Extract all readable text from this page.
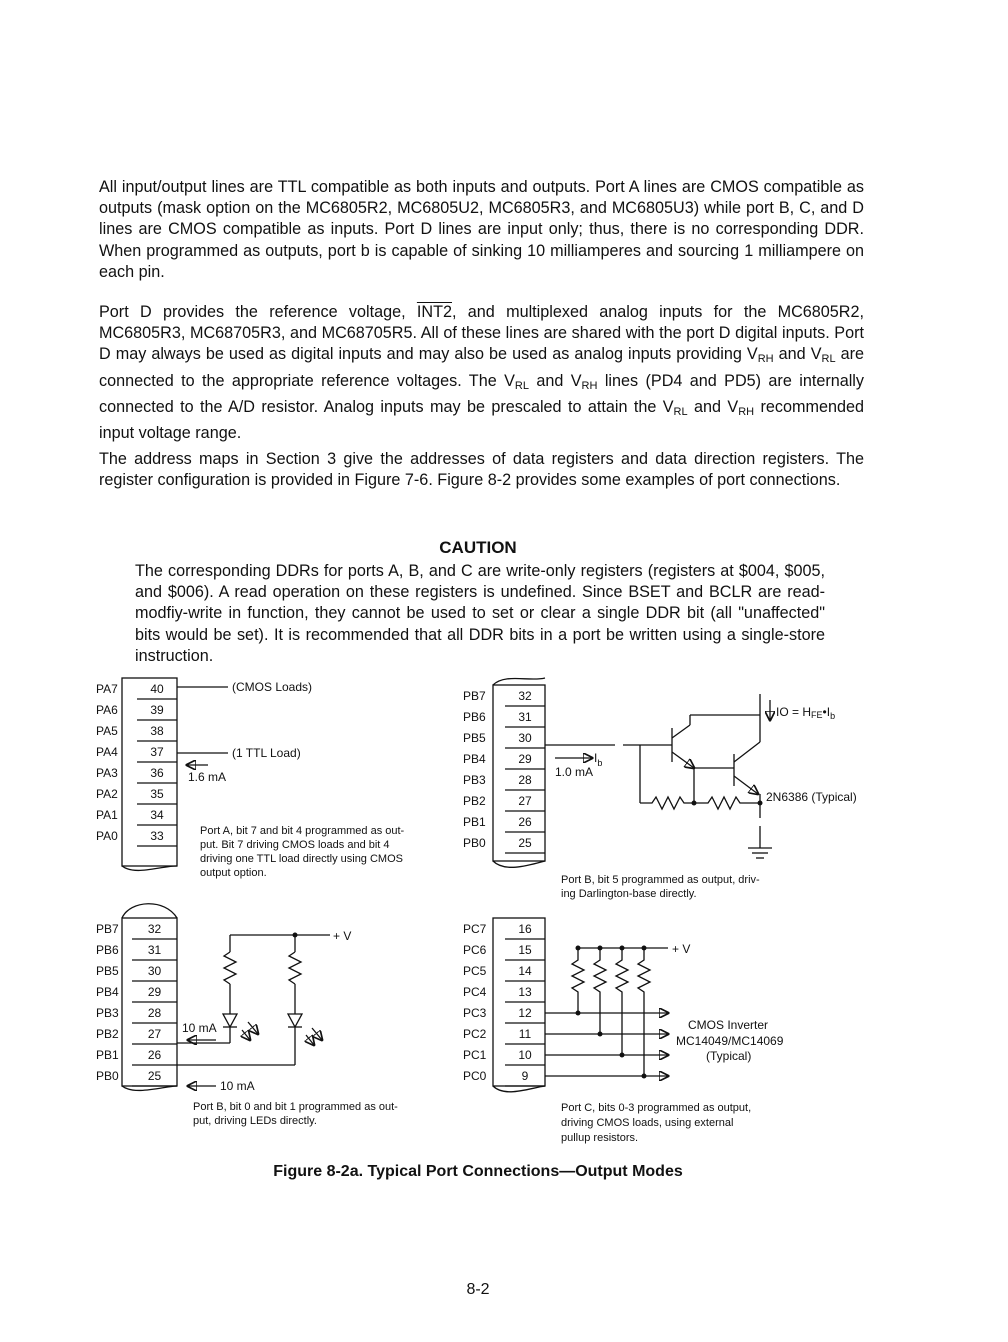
All input/output lines are TTL compatible as both inputs and outputs. Port A lines are CMOS compatible as outputs (mask option on the MC6805R2, MC6805U2, MC6805R3, and MC6805U3) while port B, C, and D lines are CMOS compatible as inputs. Port D lines are input only; thus, there is no corresponding DDR. When programmed as outputs, port b is capable of sinking 10 milliamperes and sourcing 1 milliampere on each pin.

Port D provides the reference voltage, INT2, and multiplexed analog inputs for the MC6805R2, MC6805R3, MC68705R3, and MC68705R5. All of these lines are shared with the port D digital inputs. Port D may always be used as digital inputs and may also be used as analog inputs providing $V_{RH}$ and $V_{RL}$ are connected to the appropriate reference voltages. The $V_{RL}$ and $V_{RH}$ lines (PD4 and PD5) are internally connected to the A/D resistor. Analog inputs may be prescaled to attain the $V_{RL}$ and $V_{RH}$ recommended input voltage range.

The address maps in Section 3 give the addresses of data registers and data direction registers. The register configuration is provided in Figure 7-6. Figure 8-2 provides some examples of port connections.

CAUTION

The corresponding DDRs for ports A, B, and C are write-only registers (registers at $004, $005, and $006). A read operation on these registers is undefined. Since BSET and BCLR are read-modfiy-write in function, they cannot be used to set or clear a single DDR bit (all "unaffected" bits would be set). It is recommended that all DDR bits in a port be written using a single-store instruction.

PA7	40
PA6	39
PA5	38
PA4	37
PA3	36
PA2	35
PA1	34
PA0	33
(CMOS Loads)
(1 TTL Load)
1.6 mA
Port A, bit 7 and bit 4 programmed as out-
put. Bit 7 driving CMOS loads and bit 4
driving one TTL load directly using CMOS
output option.
PB7	32
PB6	31
PB5	30
PB4	29
PB3	28
PB2	27
PB1	26
PB0	25
$I_b$
1.0 mA
IO = $HFE•I_b$
2N6386 (Typical)
Port B, bit 5 programmed as output, driv-
ing Darlington-base directly.
PB7 32
PB6 31
PB5 30
PB4 29
PB3 28
PB2 27
PB1 26
PB0 25
+ V
10 mA
10 mA
Port B, bit 0 and bit 1 programmed as out-
put, driving LEDs directly.
PC7	16
PC6	15
PC5	14
PC4	13
PC3	12
PC2	11
PC1	10
PC0	9
+ V
CMOS Inverter
MC14049/MC14069
(Typical)
Port C, bits 0-3 programmed as output,
driving CMOS loads, using external
pullup resistors.
Figure 8-2a. Typical Port Connections—Output Modes
8-2
